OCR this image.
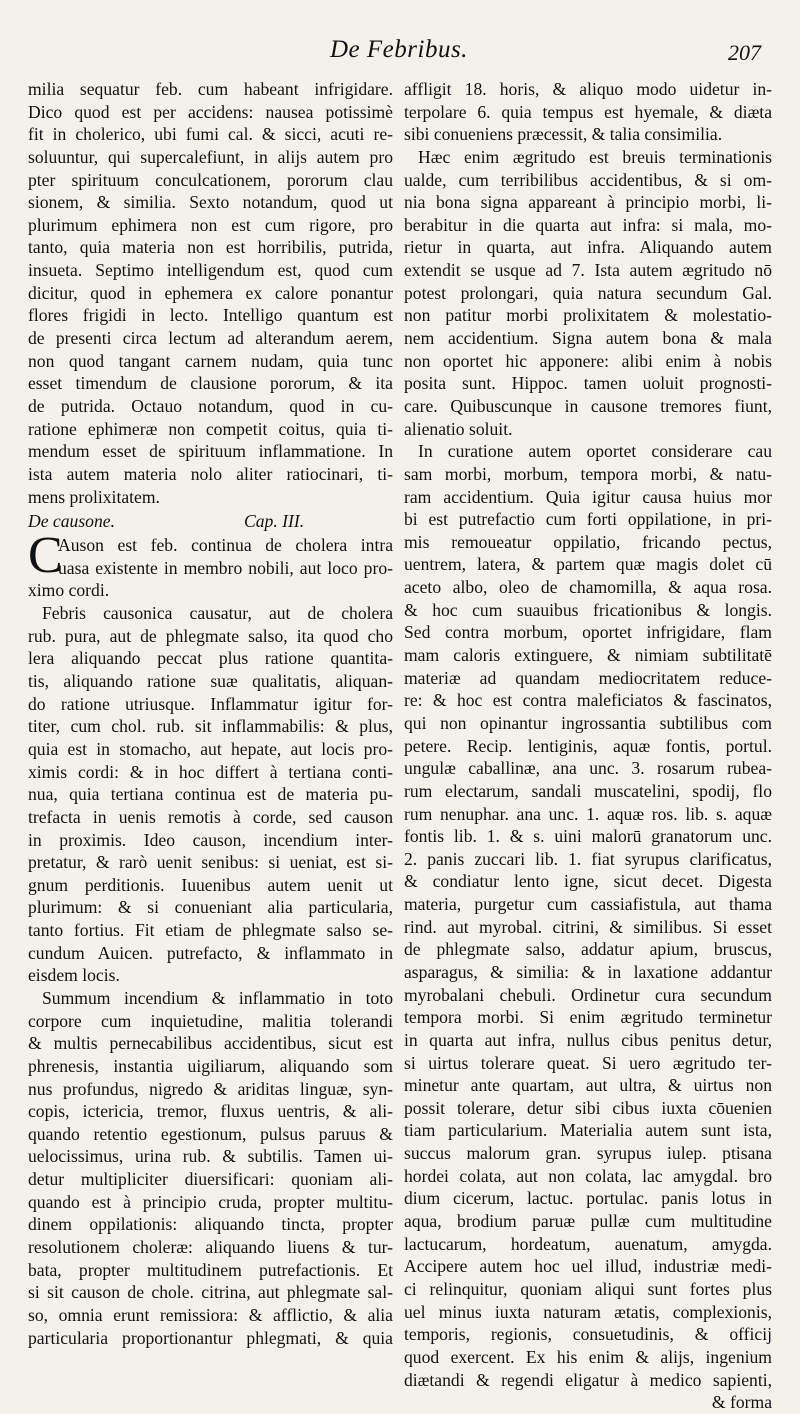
De Febribus.	207
milia sequatur feb. cum habeant infrigidare.
Dico quod est per accidens: nausea potissimè
fit in cholerico, ubi fumi cal. & sicci, acuti re-
soluuntur, qui supercalefiunt, in alijs autem pro
pter spirituum conculcationem, pororum clau
sionem, & similia. Sexto notandum, quod ut
plurimum ephimera non est cum rigore, pro
tanto, quia materia non est horribilis, putrida,
insueta. Septimo intelligendum est, quod cum
dicitur, quod in ephemera ex calore ponantur
flores frigidi in lecto. Intelligo quantum est
de presenti circa lectum ad alterandum aerem,
non quod tangant carnem nudam, quia tunc
esset timendum de clausione pororum, & ita
de putrida. Octauo notandum, quod in cu-
ratione ephimeræ non competit coitus, quia ti-
mendum esset de spirituum inflammatione. In
ista autem materia nolo aliter ratiocinari, ti-
mens prolixitatem.
De causone.	Cap. III.
C
Auson est feb. continua de cholera intra
uasa existente in membro nobili, aut loco pro-
ximo cordi.
Febris causonica causatur, aut de cholera
rub. pura, aut de phlegmate salso, ita quod cho
lera aliquando peccat plus ratione quantita-
tis, aliquando ratione suæ qualitatis, aliquan-
do ratione utriusque. Inflammatur igitur for-
titer, cum chol. rub. sit inflammabilis: & plus,
quia est in stomacho, aut hepate, aut locis pro-
ximis cordi: & in hoc differt à tertiana conti-
nua, quia tertiana continua est de materia pu-
trefacta in uenis remotis à corde, sed causon
in proximis. Ideo causon, incendium inter-
pretatur, & rarò uenit senibus: si ueniat, est si-
gnum perditionis. Iuuenibus autem uenit ut
plurimum: & si conueniant alia particularia,
tanto fortius. Fit etiam de phlegmate salso se-
cundum Auicen. putrefacto, & inflammato in
eisdem locis.
Summum incendium & inflammatio in toto
corpore cum inquietudine, malitia tolerandi
& multis pernecabilibus accidentibus, sicut est
phrenesis, instantia uigiliarum, aliquando som
nus profundus, nigredo & ariditas linguæ, syn-
copis, ictericia, tremor, fluxus uentris, & ali-
quando retentio egestionum, pulsus paruus &
uelocissimus, urina rub. & subtilis. Tamen ui-
detur multipliciter diuersificari: quoniam ali-
quando est à principio cruda, propter multitu-
dinem oppilationis: aliquando tincta, propter
resolutionem choleræ: aliquando liuens & tur-
bata, propter multitudinem putrefactionis. Et
si sit causon de chole. citrina, aut phlegmate sal-
so, omnia erunt remissiora: & afflictio, & alia
particularia proportionantur phlegmati, & quia
affligit 18. horis, & aliquo modo uidetur in-
terpolare 6. quia tempus est hyemale, & diæta
sibi conueniens præcessit, & talia consimilia.
Hæc enim ægritudo est breuis terminationis
ualde, cum terribilibus accidentibus, & si om-
nia bona signa appareant à principio morbi, li-
berabitur in die quarta aut infra: si mala, mo-
rietur in quarta, aut infra. Aliquando autem
extendit se usque ad 7. Ista autem ægritudo nō
potest prolongari, quia natura secundum Gal.
non patitur morbi prolixitatem & molestatio-
nem accidentium. Signa autem bona & mala
non oportet hic apponere: alibi enim à nobis
posita sunt. Hippoc. tamen uoluit prognosti-
care. Quibuscunque in causone tremores fiunt,
alienatio soluit.
In curatione autem oportet considerare cau
sam morbi, morbum, tempora morbi, & natu-
ram accidentium. Quia igitur causa huius mor
bi est putrefactio cum forti oppilatione, in pri-
mis remoueatur oppilatio, fricando pectus,
uentrem, latera, & partem quæ magis dolet cū
aceto albo, oleo de chamomilla, & aqua rosa.
& hoc cum suauibus fricationibus & longis.
Sed contra morbum, oportet infrigidare, flam
mam caloris extinguere, & nimiam subtilitatē
materiæ ad quandam mediocritatem reduce-
re: & hoc est contra maleficiatos & fascinatos,
qui non opinantur ingrossantia subtilibus com
petere. Recip. lentiginis, aquæ fontis, portul.
ungulæ caballinæ, ana unc. 3. rosarum rubea-
rum electarum, sandali muscatelini, spodij, flo
rum nenuphar. ana unc. 1. aquæ ros. lib. s. aquæ
fontis lib. 1. & s. uini malorū granatorum unc.
2. panis zuccari lib. 1. fiat syrupus clarificatus,
& condiatur lento igne, sicut decet. Digesta
materia, purgetur cum cassiafistula, aut thama
rind. aut myrobal. citrini, & similibus. Si esset
de phlegmate salso, addatur apium, bruscus,
asparagus, & similia: & in laxatione addantur
myrobalani chebuli. Ordinetur cura secundum
tempora morbi. Si enim ægritudo terminetur
in quarta aut infra, nullus cibus penitus detur,
si uirtus tolerare queat. Si uero ægritudo ter-
minetur ante quartam, aut ultra, & uirtus non
possit tolerare, detur sibi cibus iuxta cōuenien
tiam particularium. Materialia autem sunt ista,
succus malorum gran. syrupus iulep. ptisana
hordei colata, aut non colata, lac amygdal. bro
dium cicerum, lactuc. portulac. panis lotus in
aqua, brodium paruæ pullæ cum multitudine
lactucarum, hordeatum, auenatum, amygda.
Accipere autem hoc uel illud, industriæ medi-
ci relinquitur, quoniam aliqui sunt fortes plus
uel minus iuxta naturam ætatis, complexionis,
temporis, regionis, consuetudinis, & officij
quod exercent. Ex his enim & alijs, ingenium
diætandi & regendi eligatur à medico sapienti,
& forma
